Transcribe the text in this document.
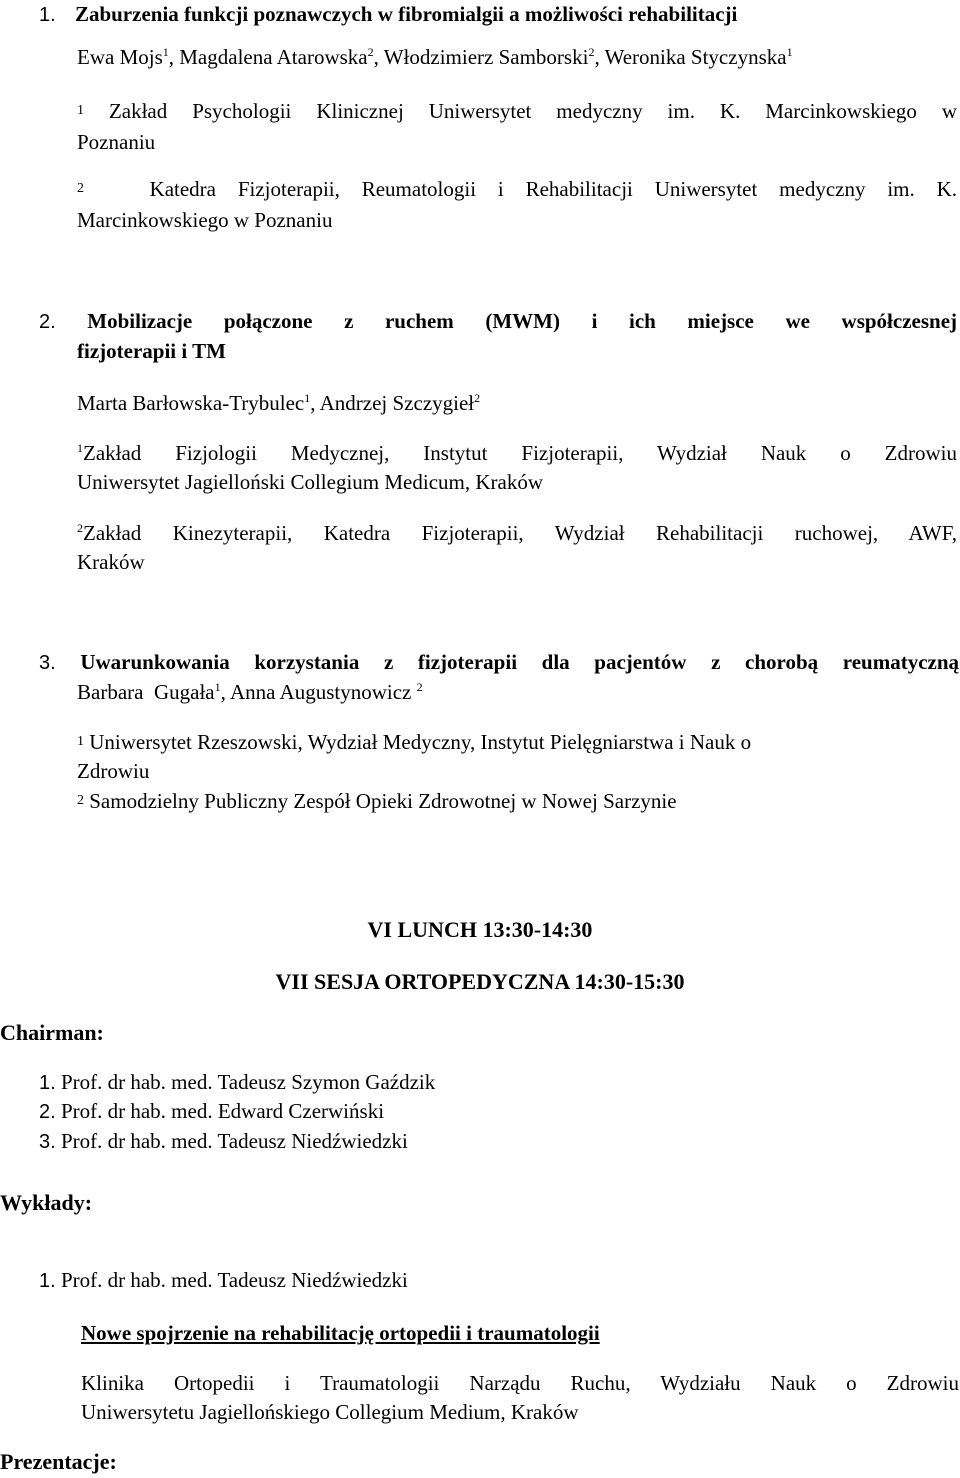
1. Zaburzenia funkcji poznawczych w fibromialgii a możliwości rehabilitacji
Ewa Mojs$^1$, Magdalena Atarowska$^2$, Włodzimierz Samborski$^2$, Weronika Styczynska$^1$
1 Zakład Psychologii Klinicznej Uniwersytet medyczny im. K. Marcinkowskiego w
Poznaniu
2	Katedra Fizjoterapii, Reumatologii i Rehabilitacji Uniwersytet medyczny im. K.
Marcinkowskiego w Poznaniu
2. Mobilizacje połączone z ruchem (MWM) i ich miejsce we współczesnej
fizjoterapii i TM
Marta Barłowska-Trybulec$^1$, Andrzej Szczygieł$^2$
$^1$Zakład Fizjologii Medycznej, Instytut Fizjoterapii, Wydział Nauk o Zdrowiu
Uniwersytet Jagielloński Collegium Medicum, Kraków
$^2$Zakład Kinezyterapii, Katedra Fizjoterapii, Wydział Rehabilitacji ruchowej, AWF,
Kraków
3. Uwarunkowania korzystania z fizjoterapii dla pacjentów z chorobą reumatyczną
Barbara  Gugała$^1$, Anna Augustynowicz $^2$
1 Uniwersytet Rzeszowski, Wydział Medyczny, Instytut Pielęgniarstwa i Nauk o
Zdrowiu
2 Samodzielny Publiczny Zespół Opieki Zdrowotnej w Nowej Sarzynie
VI LUNCH 13:30-14:30
VII SESJA ORTOPEDYCZNA 14:30-15:30
Chairman:
1. Prof. dr hab. med. Tadeusz Szymon Gaździk
2. Prof. dr hab. med. Edward Czerwiński
3. Prof. dr hab. med. Tadeusz Niedźwiedzki
Wykłady:
1. Prof. dr hab. med. Tadeusz Niedźwiedzki
Nowe spojrzenie na rehabilitację ortopedii i traumatologii
Klinika Ortopedii i Traumatologii Narządu Ruchu, Wydziału Nauk o Zdrowiu
Uniwersytetu Jagiellońskiego Collegium Medium, Kraków
Prezentacje:
